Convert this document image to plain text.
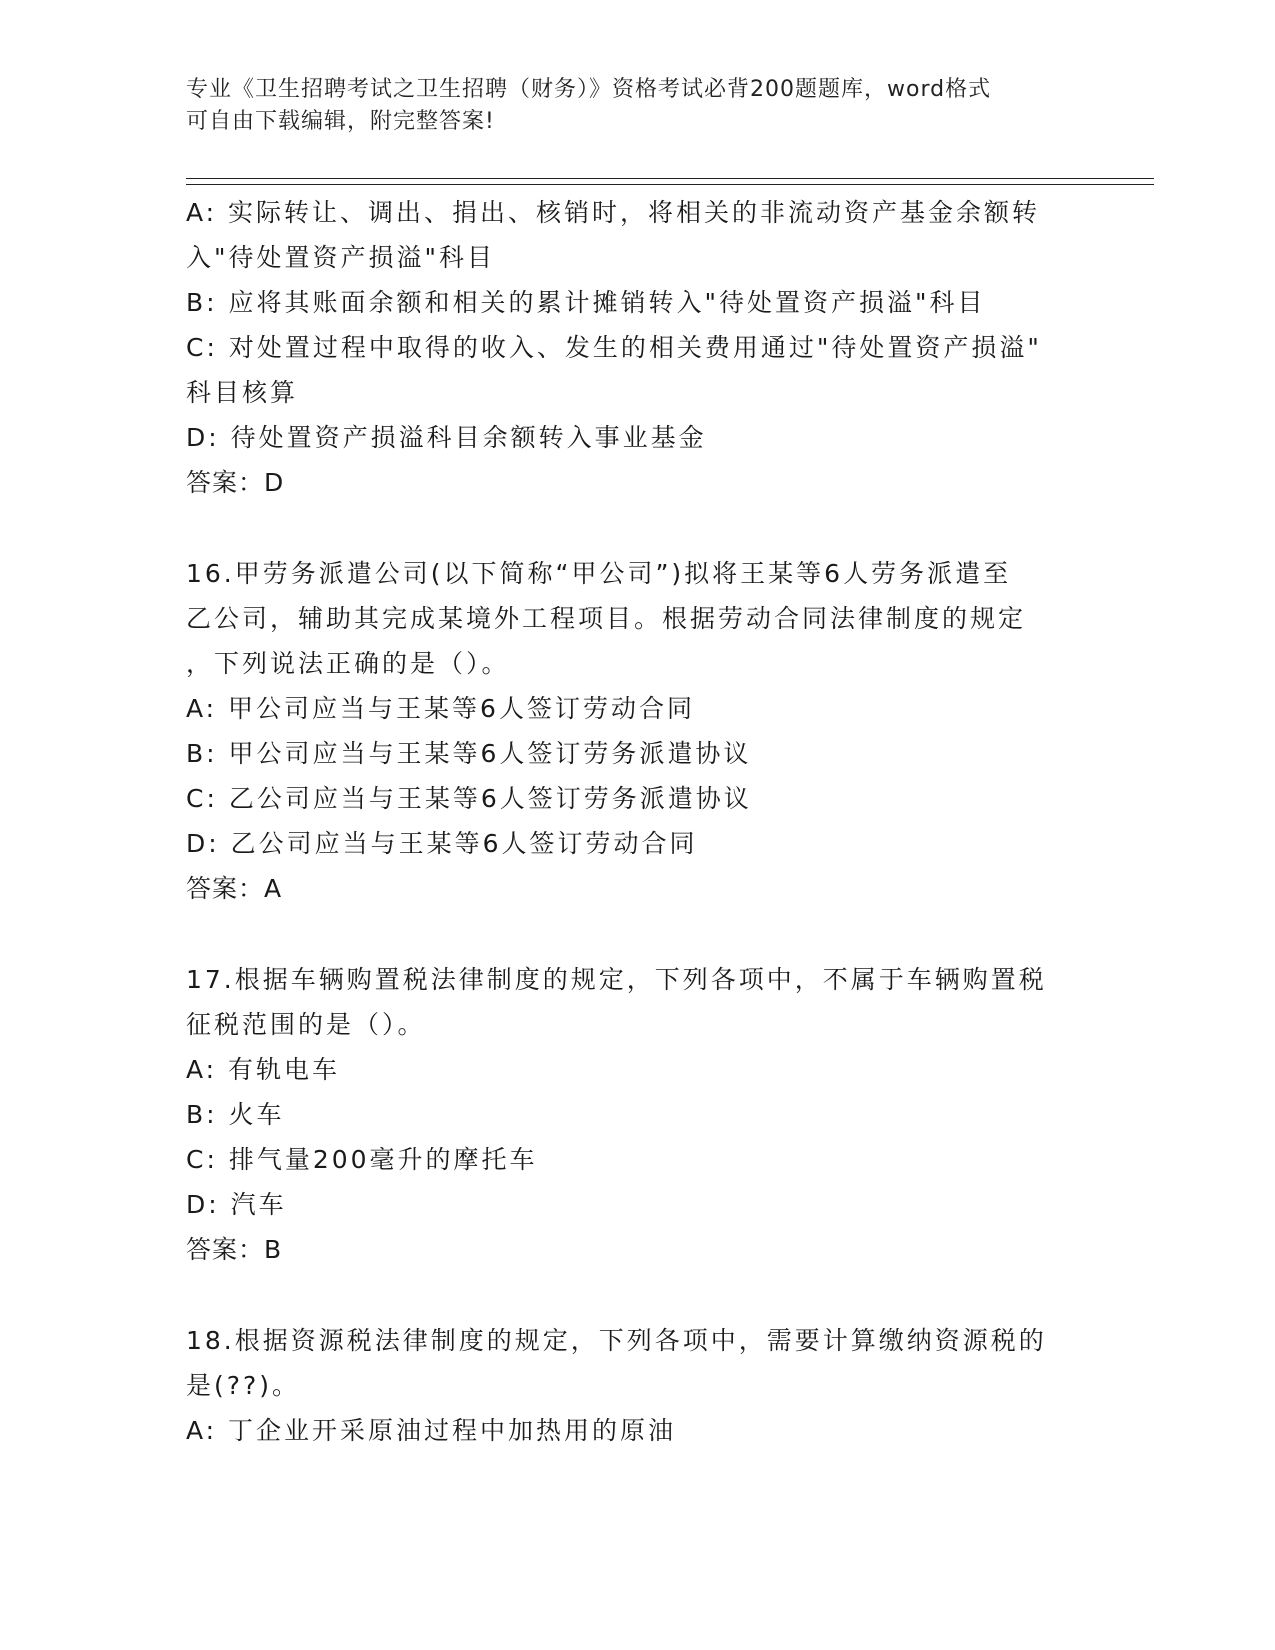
专业《卫生招聘考试之卫生招聘（财务）》资格考试必背200题题库，word格式
可自由下载编辑，附完整答案!
A: 实际转让、调出、捐出、核销时，将相关的非流动资产基金余额转
入"待处置资产损溢"科目
B: 应将其账面余额和相关的累计摊销转入"待处置资产损溢"科目
C: 对处置过程中取得的收入、发生的相关费用通过"待处置资产损溢"
科目核算
D: 待处置资产损溢科目余额转入事业基金
答案：D
16.甲劳务派遣公司(以下简称“甲公司”)拟将王某等6人劳务派遣至
乙公司，辅助其完成某境外工程项目。根据劳动合同法律制度的规定
，下列说法正确的是（）。
A: 甲公司应当与王某等6人签订劳动合同
B: 甲公司应当与王某等6人签订劳务派遣协议
C: 乙公司应当与王某等6人签订劳务派遣协议
D: 乙公司应当与王某等6人签订劳动合同
答案：A
17.根据车辆购置税法律制度的规定，下列各项中，不属于车辆购置税
征税范围的是（）。
A: 有轨电车
B: 火车
C: 排气量200毫升的摩托车
D: 汽车
答案：B
18.根据资源税法律制度的规定，下列各项中，需要计算缴纳资源税的
是(??)。
A: 丁企业开采原油过程中加热用的原油
